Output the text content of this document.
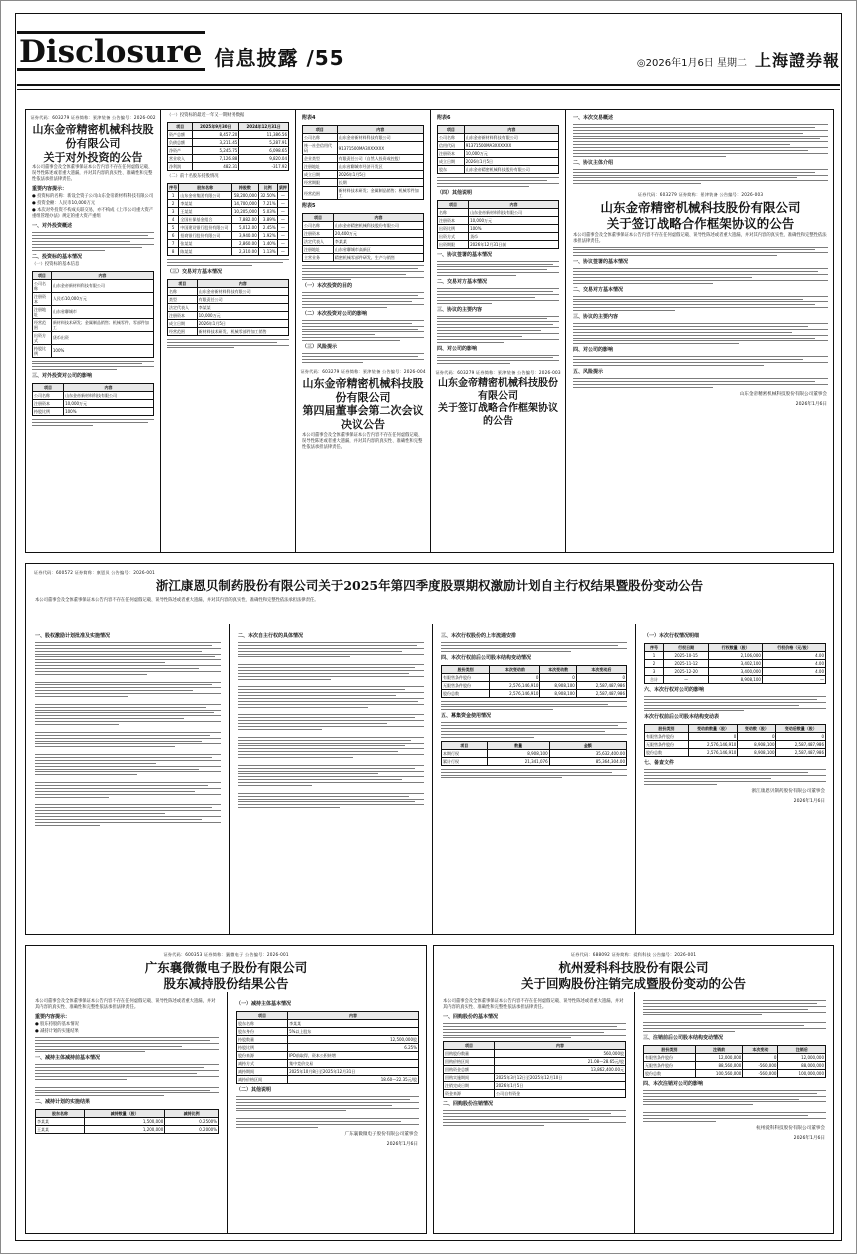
Disclosure 信息披露 /55	◎2026年1月6日 星期二 上海證券報
证券代码：603279 证券简称：景津装备 公告编号：2026-002
山东金帝精密机械科技股份有限公司
关于对外投资的公告
本公司董事会及全体董事保证本公告内容不存在任何虚假记载、误导性陈述或者重大遗漏，并对其内容的真实性、准确性和完整性依法承担法律责任。
重要内容提示：
● 投资标的名称：新设全资子公司山东金帝新材料科技有限公司
● 投资金额：人民币10,000万元
● 本次对外投资不构成关联交易，亦不构成《上市公司重大资产重组管理办法》规定的重大资产重组
一、对外投资概述
二、投资标的基本情况
（一）投资标的基本信息
项目	内容
公司名称	山东金帝新材料科技有限公司
注册资本	人民币10,000万元
注册地址	山东省聊城市
经营范围	新材料技术研发；金属制品销售；机械零件、零部件加工
出资方式	货币出资
持股比例	100%
三、对外投资对公司的影响
项目	内容
公司名称	山东金帝新材料科技有限公司
注册资本	10,000万元
持股比例	100%
（一）投资标的最近一年又一期财务数据
项目	2025年9月30日	2024年12月31日
资产总额	8,457.20	11,386.56
负债总额	3,211.45	5,287.91
净资产	5,245.75	6,098.65
营业收入	7,126.88	9,820.04
净利润	482.31	-317.92
（二）前十名股东持股情况
序号	股东名称	持股数	比例	质押
1	山东金帝集团有限公司	58,200,000	32.50%	—
2	李某某	14,700,000	7.21%	—
3	王某某	10,205,000	5.03%	—
4	全国社保基金组合	7,882.00	3.89%	—
5	中国建设银行股份有限公司	5,012.00	2.45%	—
6	招商银行股份有限公司	3,940.00	1.92%	—
7	张某某	2,860.00	1.40%	—
8	陈某某	2,310.00	1.13%	—
（三）交易对方基本情况
项目	内容
名称	山东金帝新材料科技有限公司
类型	有限责任公司
法定代表人	李某某
注册资本	10,000万元
成立日期	2026年1月5日
经营范围	新材料技术研发、机械零部件加工销售
附表4
项目	内容
公司名称	山东金帝新材料科技有限公司
统一社会信用代码	91371500MA3XXXXXX
企业类型	有限责任公司（自然人投资或控股）
注册地址	山东省聊城市经济开发区
成立日期	2026年1月5日
经营期限	长期
经营范围	新材料技术研发；金属制品销售；机械零件加工
附表5
项目	内容
公司名称	山东金帝精密机械科技股份有限公司
注册资本	20,400万元
法定代表人	李某某
注册地址	山东省聊城市高新区
主营业务	精密机械零部件研发、生产与销售
（一）本次投资的目的
（二）本次投资对公司的影响
（三）风险提示
证券代码：603279 证券简称：景津装备 公告编号：2026-004
山东金帝精密机械科技股份有限公司
第四届董事会第二次会议决议公告
本公司董事会及全体董事保证本公告内容不存在任何虚假记载、误导性陈述或者重大遗漏，并对其内容的真实性、准确性和完整性依法承担法律责任。
附表6
项目	内容
公司名称	山东金帝新材料科技有限公司
信用代码	91371500MA3XXXXXX
注册资本	10,000万元
成立日期	2026年1月5日
股东	山东金帝精密机械科技股份有限公司
（四）其他说明
项目	内容
名称	山东金帝新材料科技有限公司
注册资本	10,000万元
出资比例	100%
出资方式	货币
出资期限	2026年12月31日前
一、协议签署的基本情况
二、交易对方基本情况
三、协议的主要内容
四、对公司的影响
证券代码：603279 证券简称：景津装备 公告编号：2026-003
山东金帝精密机械科技股份有限公司
关于签订战略合作框架协议的公告
一、本次交易概述
二、协议主体介绍
证券代码：603279 证券简称：景津装备 公告编号：2026-003
山东金帝精密机械科技股份有限公司
关于签订战略合作框架协议的公告
本公司董事会及全体董事保证本公告内容不存在任何虚假记载、误导性陈述或者重大遗漏，并对其内容的真实性、准确性和完整性依法承担法律责任。
一、协议签署的基本情况
二、交易对方基本情况
三、协议的主要内容
四、对公司的影响
五、风险提示
山东金帝精密机械科技股份有限公司董事会
2026年1月6日
证券代码：600572 证券简称：康恩贝 公告编号：2026-001
浙江康恩贝制药股份有限公司关于2025年第四季度股票期权激励计划自主行权结果暨股份变动公告
本公司董事会及全体董事保证本公告内容不存在任何虚假记载、误导性陈述或者重大遗漏，并对其内容的真实性、准确性和完整性依法承担法律责任。
一、股权激励计划批准及实施情况	二、本次自主行权的具体情况	三、本次行权股份的上市流通安排
四、本次行权前后公司股本结构变动情况
股份类别	本次变动前	本次变动数	本次变动后
有限售条件股份	0	0	0
无限售条件股份	2,576,146,910	8,908,100	2,587,487,986
股份总数	2,576,146,910	8,908,100	2,587,487,986
五、募集资金使用情况
项目	数量	金额
本期行权	8,908,100	35,632,400.00
累计行权	21,341,076	85,364,304.00
（一）本次行权情况明细
序号	行权日期	行权数量（股）	行权价格（元/股）
1	2025-10-15	2,106,000	4.00
2	2025-11-12	3,402,100	4.00
3	2025-12-20	3,400,000	4.00
合计	—	8,908,100	—
六、本次行权对公司的影响
本次行权前后公司股本结构变动表
股份类别	变动前数量（股）	变动数（股）	变动后数量（股）
有限售条件股份	0	0	0
无限售条件股份	2,576,146,910	8,908,100	2,587,487,986
股份总数	2,576,146,910	8,908,100	2,587,487,986
七、备查文件
浙江康恩贝制药股份有限公司董事会
2026年1月6日
证券代码：600353 证券简称：襄微电子 公告编号：2026-001
广东襄微微电子股份有限公司
股东减持股份结果公告
本公司董事会及全体董事保证本公告内容不存在任何虚假记载、误导性陈述或者重大遗漏，并对其内容的真实性、准确性和完整性依法承担法律责任。
重要内容提示：
● 股东持股的基本情况
● 减持计划的实施结果
一、减持主体减持前基本情况
二、减持计划的实施结果
股东名称	减持数量（股）	减持比例
李某某	1,500,000	0.2500%
王某某	1,200,000	0.2000%
（一）减持主体基本情况
项目	内容
股东名称	李某某
股东身份	5%以上股东
持股数量	12,500,000股
持股比例	6.25%
股份来源	IPO前取得、资本公积转增
减持方式	集中竞价交易
减持期间	2025年10月8日至2025年12月31日
减持价格区间	18.60—22.35元/股
（二）其他说明
广东襄微微电子股份有限公司董事会
2026年1月6日
证券代码：688092 证券简称：爱科科技 公告编号：2026-001
杭州爱科科技股份有限公司
关于回购股份注销完成暨股份变动的公告
本公司董事会及全体董事保证本公告内容不存在任何虚假记载、误导性陈述或者重大遗漏，并对其内容的真实性、准确性和完整性依法承担法律责任。
一、回购股份的基本情况
项目	内容
回购股份数量	560,000股
回购价格区间	21.08—28.65元/股
回购资金总额	13,862,400.00元
回购实施期间	2025年3月12日至2025年12月10日
注销完成日期	2026年1月5日
资金来源	公司自有资金
二、回购股份注销情况
三、注销前后公司股本结构变动情况
股份类别	注销前	本次变动	注销后
有限售条件股份	12,000,000	0	12,000,000
无限售条件股份	88,560,000	-560,000	88,000,000
股份总数	100,560,000	-560,000	100,000,000
四、本次注销对公司的影响
杭州爱科科技股份有限公司董事会
2026年1月6日
